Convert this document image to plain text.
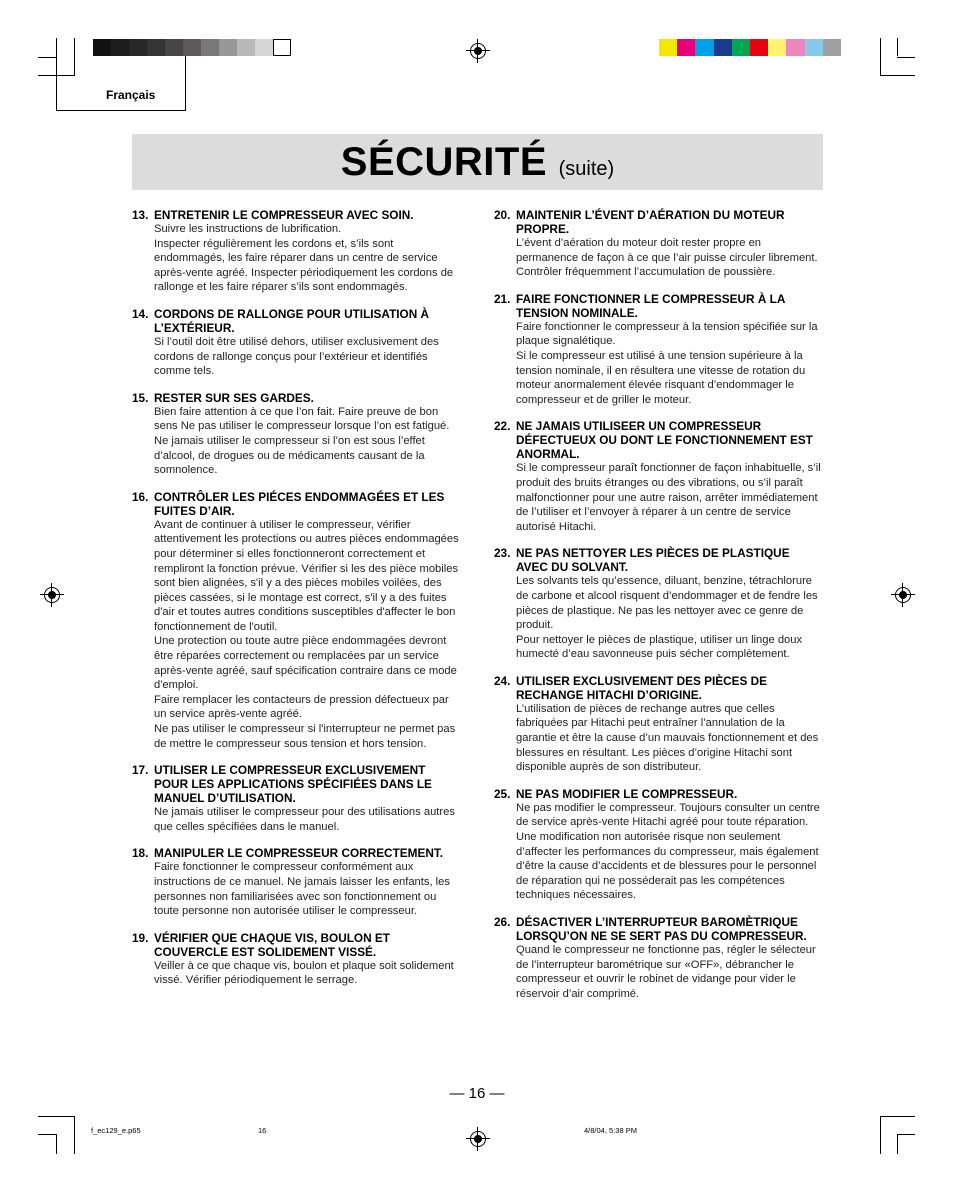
Français
SÉCURITÉ (suite)
13. ENTRETENIR LE COMPRESSEUR AVEC SOIN.

Suivre les instructions de lubrification.

Inspecter régulièrement les cordons et, s’ils sont endommagés, les faire réparer dans un centre de service après-vente agréé. Inspecter périodiquement les cordons de rallonge et les faire réparer s’ils sont endommagés.

14. CORDONS DE RALLONGE POUR UTILISATION À L’EXTÉRIEUR.

Si l’outil doit être utilisé dehors, utiliser exclusivement des cordons de rallonge conçus pour l’extérieur et identifiés comme tels.

15. RESTER SUR SES GARDES.

Bien faire attention à ce que l’on fait. Faire preuve de bon sens Ne pas utiliser le compresseur lorsque l’on est fatigué. Ne jamais utiliser le compresseur si l’on est sous l’effet d’alcool, de drogues ou de médicaments causant de la somnolence.

16. CONTRÔLER LES PIÉCES ENDOMMAGÉES ET LES FUITES D’AIR.

Avant de continuer à utiliser le compresseur, vérifier attentivement les protections ou autres pièces endommagées pour déterminer si elles fonctionneront correctement et rempliront la fonction prévue. Vérifier si les des pièce mobiles sont bien alignées, s'il y a des pièces mobiles voilées, des pièces cassées, si le montage est correct, s'il y a des fuites d'air et toutes autres conditions susceptibles d'affecter le bon fonctionnement de l'outil.

Une protection ou toute autre pièce endommagées devront être réparées correctement ou remplacées par un service après-vente agréé, sauf spécification contraire dans ce mode d'emploi.

Faire remplacer les contacteurs de pression défectueux par un service après-vente agréé.

Ne pas utiliser le compresseur si l'interrupteur ne permet pas de mettre le compresseur sous tension et hors tension.

17. UTILISER LE COMPRESSEUR EXCLUSIVEMENT POUR LES APPLICATIONS SPÉCIFIÉES DANS LE MANUEL D’UTILISATION.

Ne jamais utiliser le compresseur pour des utilisations autres que celles spécifiées dans le manuel.

18. MANIPULER LE COMPRESSEUR CORRECTEMENT.

Faire fonctionner le compresseur conformément aux instructions de ce manuel. Ne jamais laisser les enfants, les personnes non familiarisées avec son fonctionnement ou toute personne non autorisée utiliser le compresseur.

19. VÉRIFIER QUE CHAQUE VIS, BOULON ET COUVERCLE EST SOLIDEMENT VISSÉ.

Veiller à ce que chaque vis, boulon et plaque soit solidement vissé. Vérifier périodiquement le serrage.

20. MAINTENIR L’ÉVENT D’AÉRATION DU MOTEUR PROPRE.

L’évent d’aération du moteur doit rester propre en permanence de façon à ce que l’air puisse circuler librement. Contrôler fréquemment l’accumulation de poussière.

21. FAIRE FONCTIONNER LE COMPRESSEUR À LA TENSION NOMINALE.

Faire fonctionner le compresseur à la tension spécifiée sur la plaque signalétique.

Si le compresseur est utilisé à une tension supérieure à la tension nominale, il en résultera une vitesse de rotation du moteur anormalement élevée risquant d’endommager le compresseur et de griller le moteur.

22. NE JAMAIS UTILISEER UN COMPRESSEUR DÉFECTUEUX OU DONT LE FONCTIONNEMENT EST ANORMAL.

Si le compresseur paraît fonctionner de façon inhabituelle, s’il produit des bruits étranges ou des vibrations, ou s’il paraît malfonctionner pour une autre raison, arrêter immédiatement de l’utiliser et l’envoyer à réparer à un centre de service autorisé Hitachi.

23. NE PAS NETTOYER LES PIÈCES DE PLASTIQUE AVEC DU SOLVANT.

Les solvants tels qu’essence, diluant, benzine, tétrachlorure de carbone et alcool risquent d’endommager et de fendre les pièces de plastique. Ne pas les nettoyer avec ce genre de produit.

Pour nettoyer le pièces de plastique, utiliser un linge doux humecté d’eau savonneuse puis sécher complètement.

24. UTILISER EXCLUSIVEMENT DES PIÈCES DE RECHANGE HITACHI D’ORIGINE.

L’utilisation de pièces de rechange autres que celles fabriquées par Hitachi peut entraîner l’annulation de la garantie et être la cause d’un mauvais fonctionnement et des blessures en résultant. Les pièces d’origine Hitachi sont disponible auprès de son distributeur.

25. NE PAS MODIFIER LE COMPRESSEUR.

Ne pas modifier le compresseur. Toujours consulter un centre de service après-vente Hitachi agréé pour toute réparation. Une modification non autorisée risque non seulement d’affecter les performances du compresseur, mais également d’être la cause d’accidents et de blessures pour le personnel de réparation qui ne posséderait pas les compétences techniques nécessaires.

26. DÉSACTIVER L’INTERRUPTEUR BAROMÈTRIQUE LORSQU’ON NE SE SERT PAS DU COMPRESSEUR.

Quand le compresseur ne fonctionne pas, régler le sélecteur de l’interrupteur barométrique sur «OFF», débrancher le compresseur et ouvrir le robinet de vidange pour vider le réservoir d’air comprimé.

— 16 —
f_ec129_e.p65	16	4/8/04, 5:38 PM
